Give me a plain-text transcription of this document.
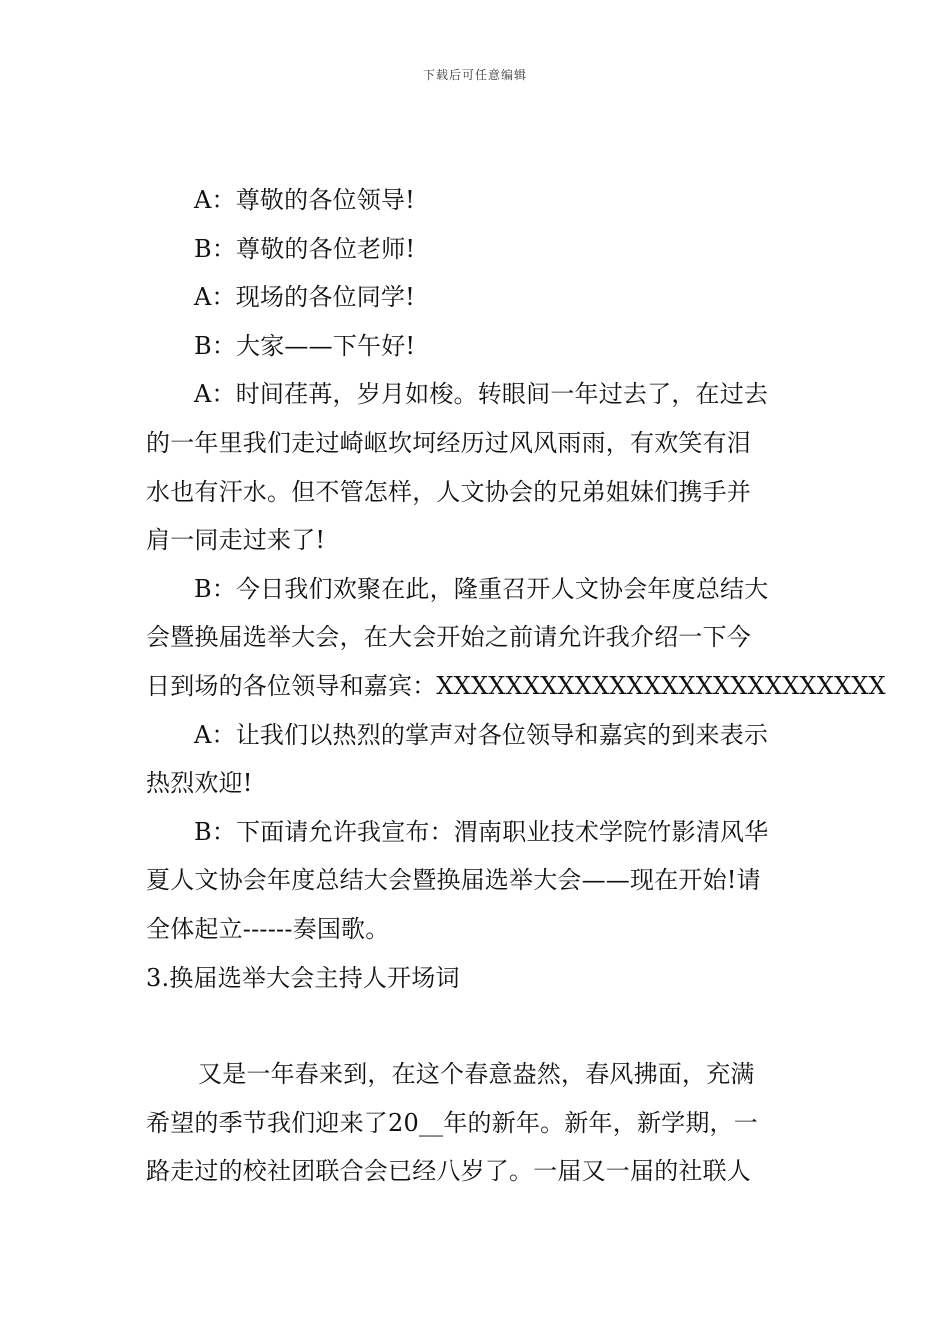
下载后可任意编辑

A：尊敬的各位领导!

B：尊敬的各位老师!

A：现场的各位同学!

B：大家——下午好!

A：时间荏苒，岁月如梭。转眼间一年过去了，在过去

的一年里我们走过崎岖坎坷经历过风风雨雨，有欢笑有泪

水也有汗水。但不管怎样，人文协会的兄弟姐妹们携手并

肩一同走过来了!

B：今日我们欢聚在此，隆重召开人文协会年度总结大

会暨换届选举大会，在大会开始之前请允许我介绍一下今

日到场的各位领导和嘉宾：XXXXXXXXXXXXXXXXXXXXXXXXXX

A：让我们以热烈的掌声对各位领导和嘉宾的到来表示

热烈欢迎!

B：下面请允许我宣布：渭南职业技术学院竹影清风华

夏人文协会年度总结大会暨换届选举大会——现在开始!请

全体起立------奏国歌。

3.换届选举大会主持人开场词

又是一年春来到，在这个春意盎然，春风拂面，充满

希望的季节我们迎来了20__年的新年。新年，新学期，一

路走过的校社团联合会已经八岁了。一届又一届的社联人
